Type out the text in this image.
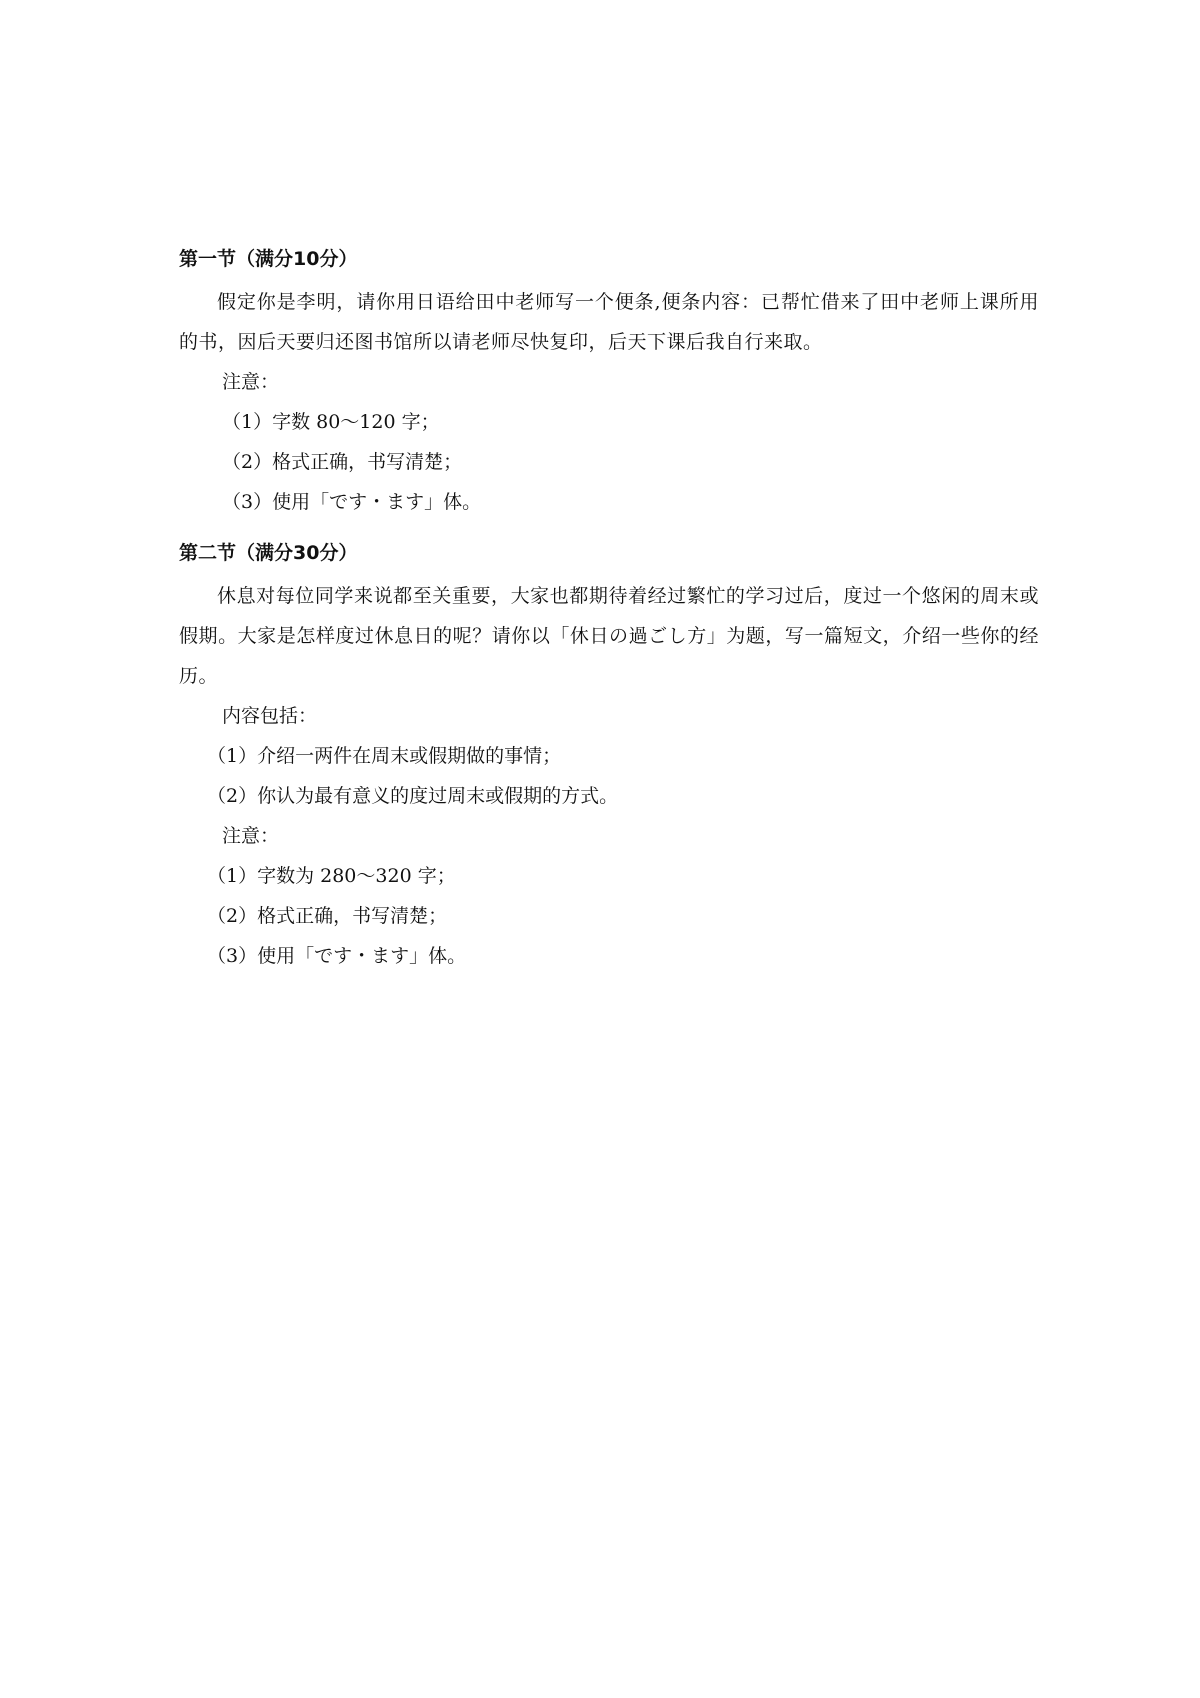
第一节（满分10分）

假定你是李明，请你用日语给田中老师写一个便条,便条内容：已帮忙借来了田中老师上课所用的书，因后天要归还图书馆所以请老师尽快复印，后天下课后我自行来取。

注意：
（1）字数 80～120 字；
（2）格式正确，书写清楚；
（3）使用「です・ます」体。
第二节（满分30分）

休息对每位同学来说都至关重要，大家也都期待着经过繁忙的学习过后，度过一个悠闲的周末或假期。大家是怎样度过休息日的呢？请你以「休日の過ごし方」为题，写一篇短文，介绍一些你的经历。

内容包括：
（1）介绍一两件在周末或假期做的事情；
（2）你认为最有意义的度过周末或假期的方式。
注意：
（1）字数为 280～320 字；
（2）格式正确，书写清楚；
（3）使用「です・ます」体。
